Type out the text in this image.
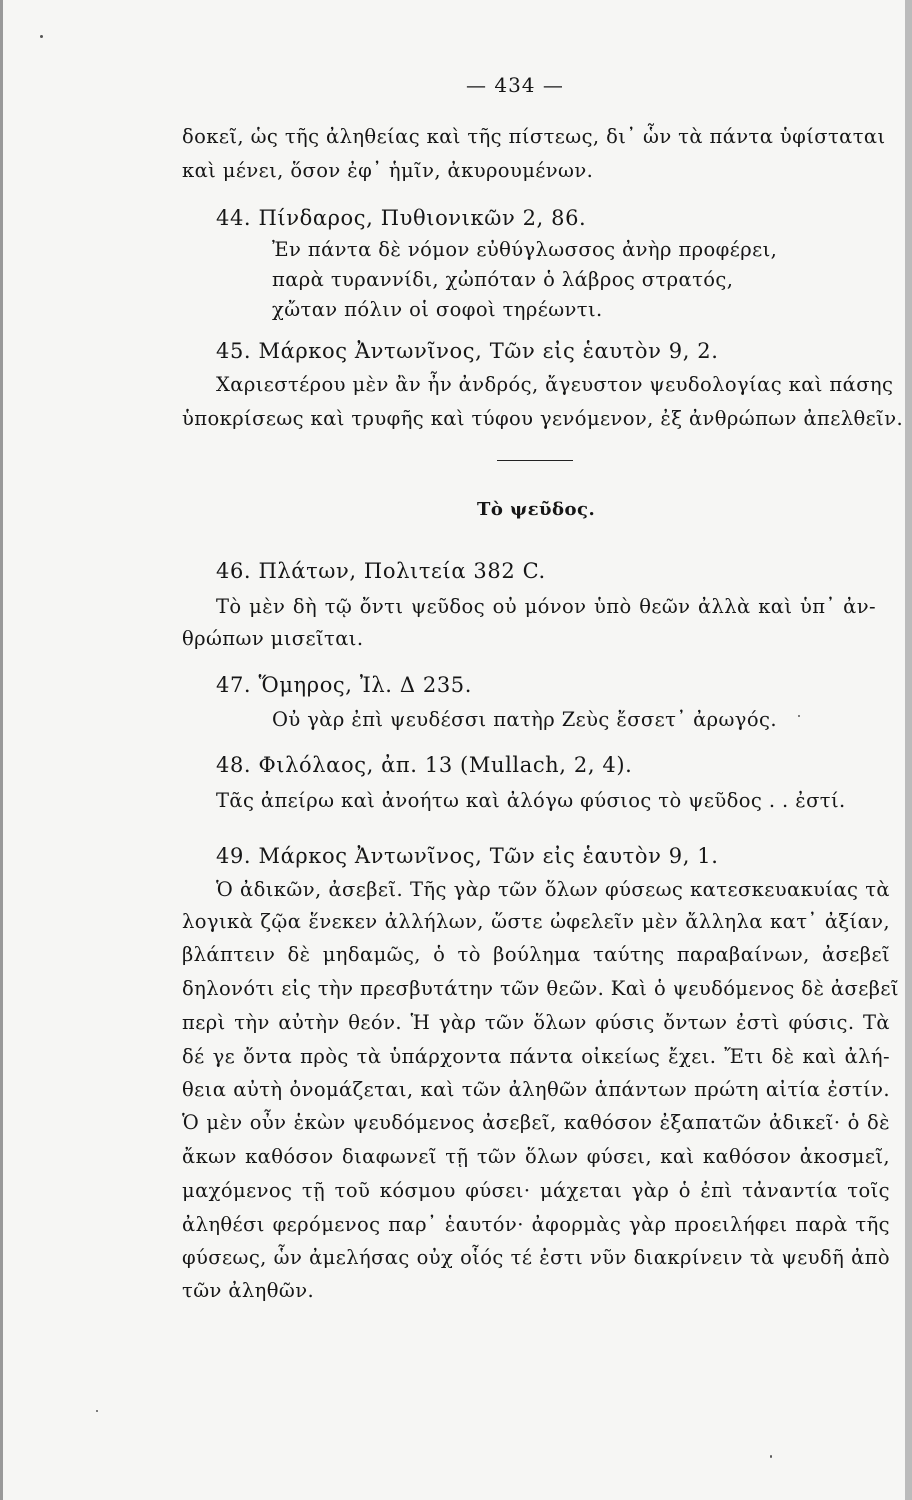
— 434 —
δοκεῖ, ὡς τῆς ἀληθείας καὶ τῆς πίστεως, δι᾽ ὧν τὰ πάντα ὑφίσταται
καὶ μένει, ὅσον ἐφ᾽ ἡμῖν, ἀκυρουμένων.
44. Πίνδαρος, Πυθιονικῶν 2, 86.
Ἐν πάντα δὲ νόμον εὐθύγλωσσος ἀνὴρ προφέρει,
παρὰ τυραννίδι, χὠπόταν ὁ λάβρος στρατός,
χὤταν πόλιν οἱ σοφοὶ τηρέωντι.
45. Μάρκος Ἀντωνῖνος, Τῶν εἰς ἑαυτὸν 9, 2.
Χαριεστέρου μὲν ἂν ἦν ἀνδρός, ἄγευστον ψευδολογίας καὶ πάσης
ὑποκρίσεως καὶ τρυφῆς καὶ τύφου γενόμενον, ἐξ ἀνθρώπων ἀπελθεῖν.
Τὸ ψεῦδος.
46. Πλάτων, Πολιτεία 382 C.
Τὸ μὲν δὴ τῷ ὄντι ψεῦδος οὐ μόνον ὑπὸ θεῶν ἀλλὰ καὶ ὑπ᾽ ἀν-
θρώπων μισεῖται.
47. Ὅμηρος, Ἰλ. Δ 235.
Οὐ γὰρ ἐπὶ ψευδέσσι πατὴρ Ζεὺς ἔσσετ᾽ ἀρωγός.
48. Φιλόλαος, ἀπ. 13 (Mullach, 2, 4).
Τᾶς ἀπείρω καὶ ἀνοήτω καὶ ἀλόγω φύσιος τὸ ψεῦδος . . ἐστί.
49. Μάρκος Ἀντωνῖνος, Τῶν εἰς ἑαυτὸν 9, 1.
Ὁ ἀδικῶν, ἀσεβεῖ. Τῆς γὰρ τῶν ὅλων φύσεως κατεσκευακυίας τὰ
λογικὰ ζῷα ἕνεκεν ἀλλήλων, ὥστε ὠφελεῖν μὲν ἄλληλα κατ᾽ ἀξίαν,
βλάπτειν δὲ μηδαμῶς, ὁ τὸ βούλημα ταύτης παραβαίνων, ἀσεβεῖ
δηλονότι εἰς τὴν πρεσβυτάτην τῶν θεῶν. Καὶ ὁ ψευδόμενος δὲ ἀσεβεῖ
περὶ τὴν αὐτὴν θεόν. Ἡ γὰρ τῶν ὅλων φύσις ὄντων ἐστὶ φύσις. Τὰ
δέ γε ὄντα πρὸς τὰ ὑπάρχοντα πάντα οἰκείως ἔχει. Ἔτι δὲ καὶ ἀλή-
θεια αὐτὴ ὀνομάζεται, καὶ τῶν ἀληθῶν ἁπάντων πρώτη αἰτία ἐστίν.
Ὁ μὲν οὖν ἑκὼν ψευδόμενος ἀσεβεῖ, καθόσον ἐξαπατῶν ἀδικεῖ· ὁ δὲ
ἄκων καθόσον διαφωνεῖ τῇ τῶν ὅλων φύσει, καὶ καθόσον ἀκοσμεῖ,
μαχόμενος τῇ τοῦ κόσμου φύσει· μάχεται γὰρ ὁ ἐπὶ τἀναντία τοῖς
ἀληθέσι φερόμενος παρ᾽ ἑαυτόν· ἀφορμὰς γὰρ προειλήφει παρὰ τῆς
φύσεως, ὧν ἀμελήσας οὐχ οἷός τέ ἐστι νῦν διακρίνειν τὰ ψευδῆ ἀπὸ
τῶν ἀληθῶν.
